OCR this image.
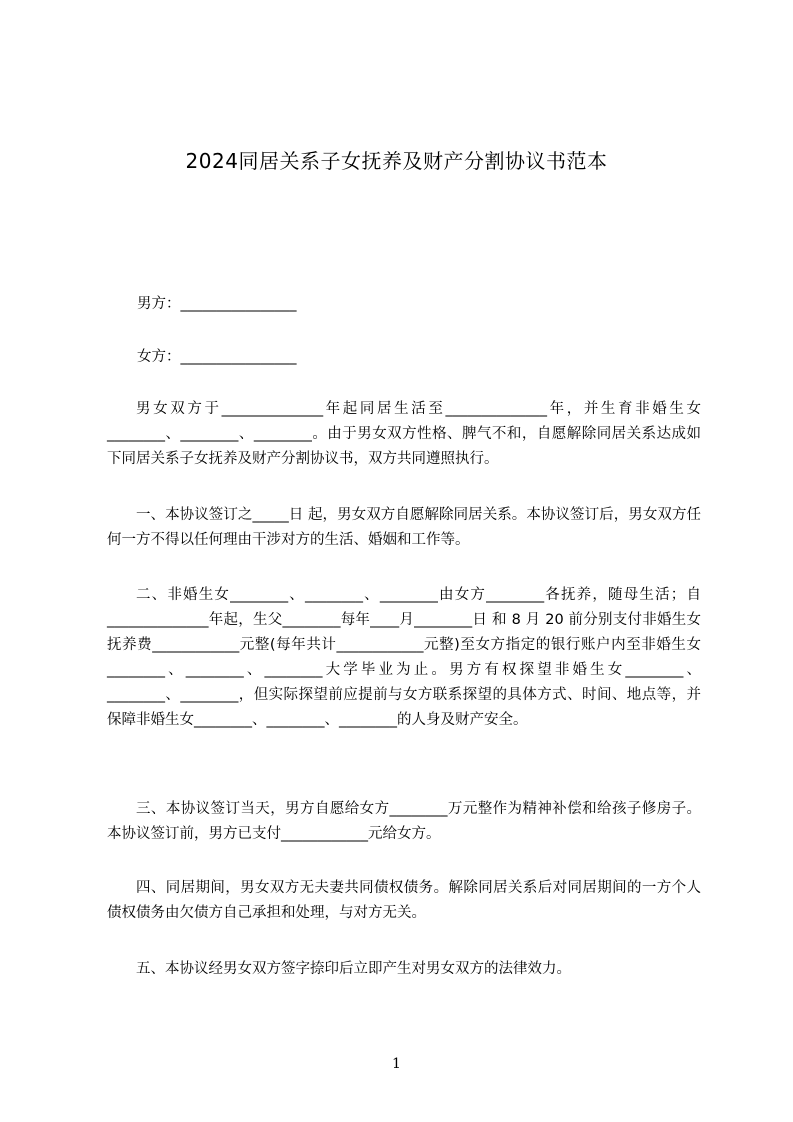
2024同居关系子女抚养及财产分割协议书范本
男方：________________
女方：________________

男女双方于______________年起同居生活至______________年，并生育非婚生女________、________、________。由于男女双方性格、脾气不和，自愿解除同居关系达成如下同居关系子女抚养及财产分割协议书，双方共同遵照执行。

一、本协议签订之_____日 起，男女双方自愿解除同居关系。本协议签订后，男女双方任何一方不得以任何理由干涉对方的生活、婚姻和工作等。

二、非婚生女________、________、________由女方________各抚养，随母生活；自______________年起，生父________每年____月________日 和 8 月 20 前分别支付非婚生女抚养费____________元整(每年共计____________元整)至女方指定的银行账户内至非婚生女________、________、________大学毕业为止。男方有权探望非婚生女________、________、________，但实际探望前应提前与女方联系探望的具体方式、时间、地点等，并保障非婚生女________、________、________的人身及财产安全。

三、本协议签订当天，男方自愿给女方________万元整作为精神补偿和给孩子修房子。本协议签订前，男方已支付____________元给女方。

四、同居期间，男女双方无夫妻共同债权债务。解除同居关系后对同居期间的一方个人债权债务由欠债方自己承担和处理，与对方无关。

五、本协议经男女双方签字捺印后立即产生对男女双方的法律效力。

1
